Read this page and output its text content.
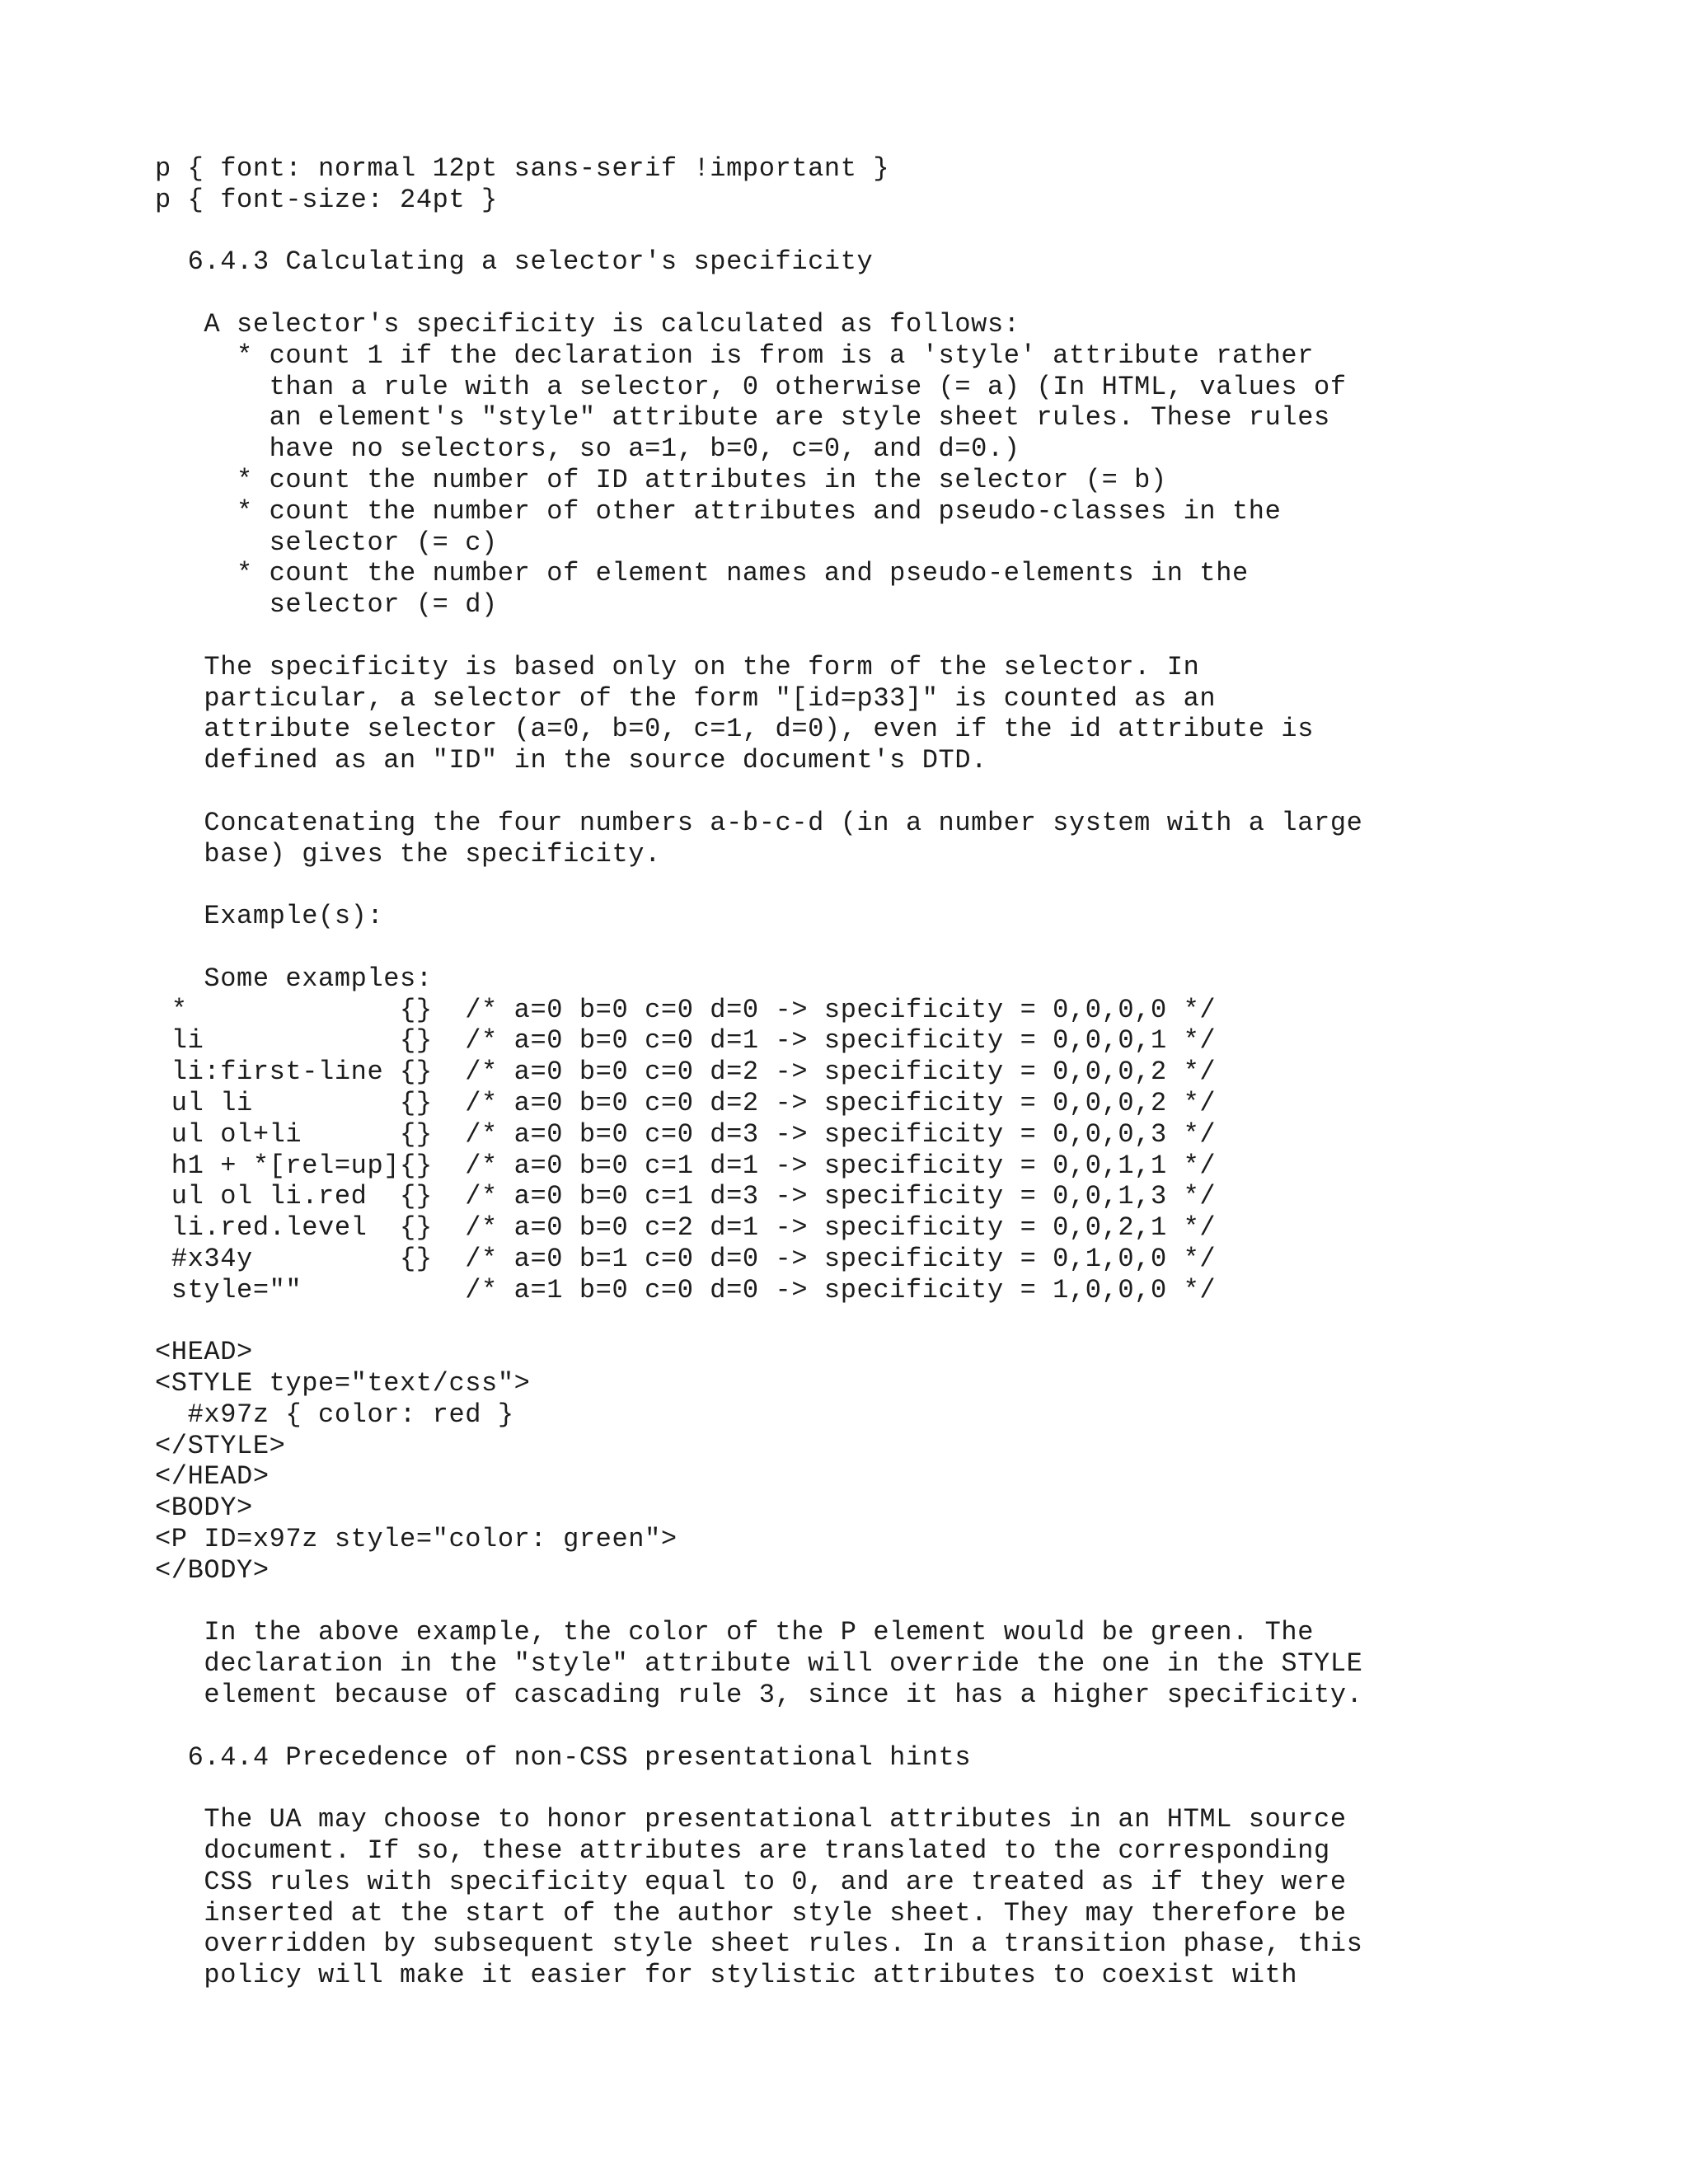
p { font: normal 12pt sans-serif !important }
p { font-size: 24pt }
6.4.3 Calculating a selector's specificity
A selector's specificity is calculated as follows:
* count 1 if the declaration is from is a 'style' attribute rather
than a rule with a selector, 0 otherwise (= a) (In HTML, values of
an element's "style" attribute are style sheet rules. These rules
have no selectors, so a=1, b=0, c=0, and d=0.)
* count the number of ID attributes in the selector (= b)
* count the number of other attributes and pseudo-classes in the
selector (= c)
* count the number of element names and pseudo-elements in the
selector (= d)
The specificity is based only on the form of the selector. In
particular, a selector of the form "[id=p33]" is counted as an
attribute selector (a=0, b=0, c=1, d=0), even if the id attribute is
defined as an "ID" in the source document's DTD.
Concatenating the four numbers a-b-c-d (in a number system with a large
base) gives the specificity.
Example(s):
Some examples:
*             {}  /* a=0 b=0 c=0 d=0 -> specificity = 0,0,0,0 */
li            {}  /* a=0 b=0 c=0 d=1 -> specificity = 0,0,0,1 */
li:first-line {}  /* a=0 b=0 c=0 d=2 -> specificity = 0,0,0,2 */
ul li         {}  /* a=0 b=0 c=0 d=2 -> specificity = 0,0,0,2 */
ul ol+li      {}  /* a=0 b=0 c=0 d=3 -> specificity = 0,0,0,3 */
h1 + *[rel=up]{}  /* a=0 b=0 c=1 d=1 -> specificity = 0,0,1,1 */
ul ol li.red  {}  /* a=0 b=0 c=1 d=3 -> specificity = 0,0,1,3 */
li.red.level  {}  /* a=0 b=0 c=2 d=1 -> specificity = 0,0,2,1 */
#x34y         {}  /* a=0 b=1 c=0 d=0 -> specificity = 0,1,0,0 */
style=""          /* a=1 b=0 c=0 d=0 -> specificity = 1,0,0,0 */
<HEAD>
<STYLE type="text/css">
#x97z { color: red }
</STYLE>
</HEAD>
<BODY>
<P ID=x97z style="color: green">
</BODY>
In the above example, the color of the P element would be green. The
declaration in the "style" attribute will override the one in the STYLE
element because of cascading rule 3, since it has a higher specificity.
6.4.4 Precedence of non-CSS presentational hints
The UA may choose to honor presentational attributes in an HTML source
document. If so, these attributes are translated to the corresponding
CSS rules with specificity equal to 0, and are treated as if they were
inserted at the start of the author style sheet. They may therefore be
overridden by subsequent style sheet rules. In a transition phase, this
policy will make it easier for stylistic attributes to coexist with
